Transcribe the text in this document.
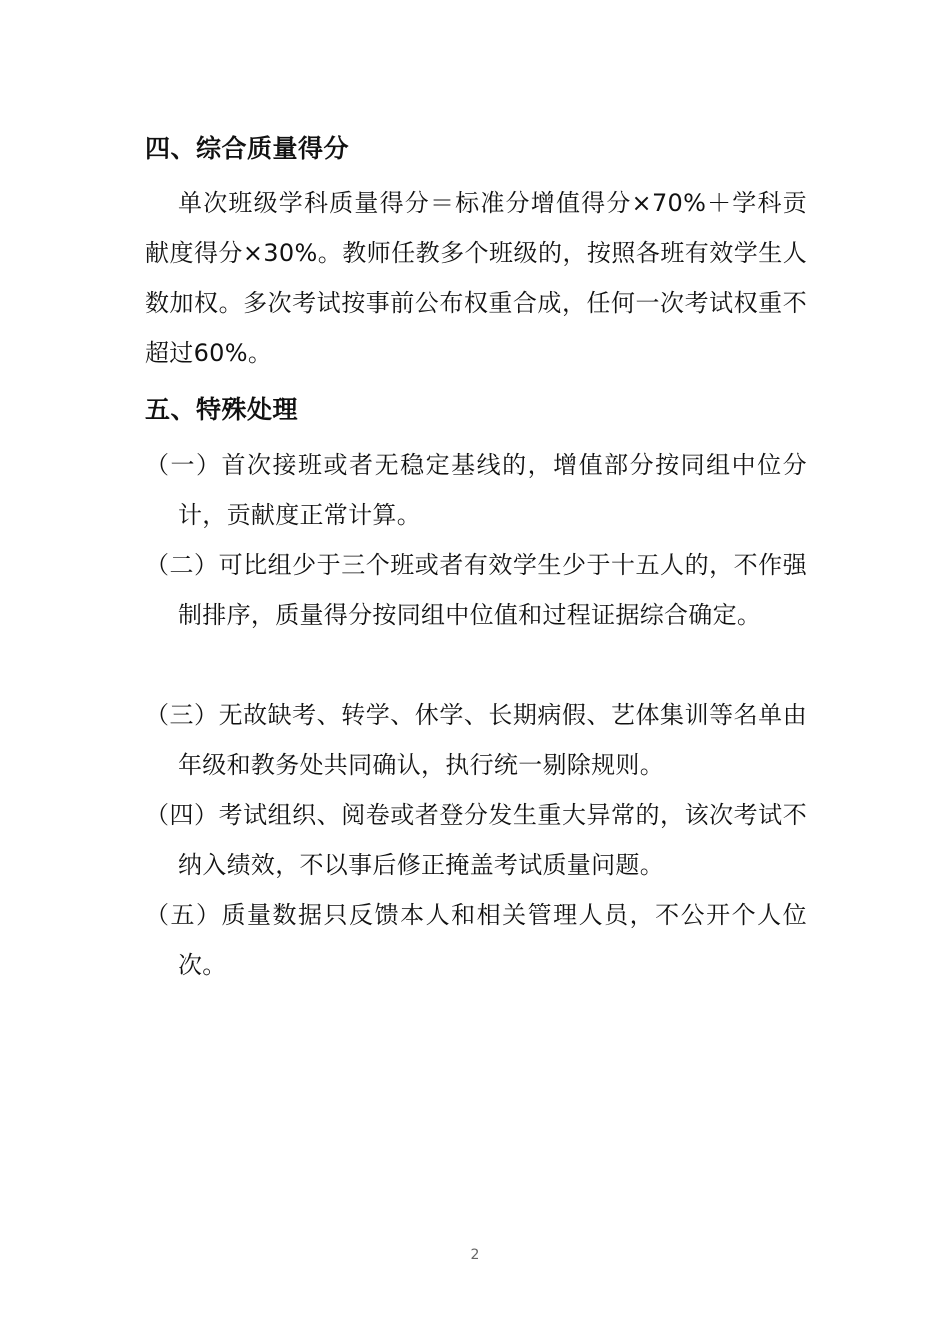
四、综合质量得分
单次班级学科质量得分＝标准分增值得分×70%＋学科贡献度得分×30%。教师任教多个班级的，按照各班有效学生人数加权。多次考试按事前公布权重合成，任何一次考试权重不超过60%。
五、特殊处理
（一）首次接班或者无稳定基线的，增值部分按同组中位分计，贡献度正常计算。
（二）可比组少于三个班或者有效学生少于十五人的，不作强制排序，质量得分按同组中位值和过程证据综合确定。
（三）无故缺考、转学、休学、长期病假、艺体集训等名单由年级和教务处共同确认，执行统一剔除规则。
（四）考试组织、阅卷或者登分发生重大异常的，该次考试不纳入绩效，不以事后修正掩盖考试质量问题。
（五）质量数据只反馈本人和相关管理人员，不公开个人位次。
2
